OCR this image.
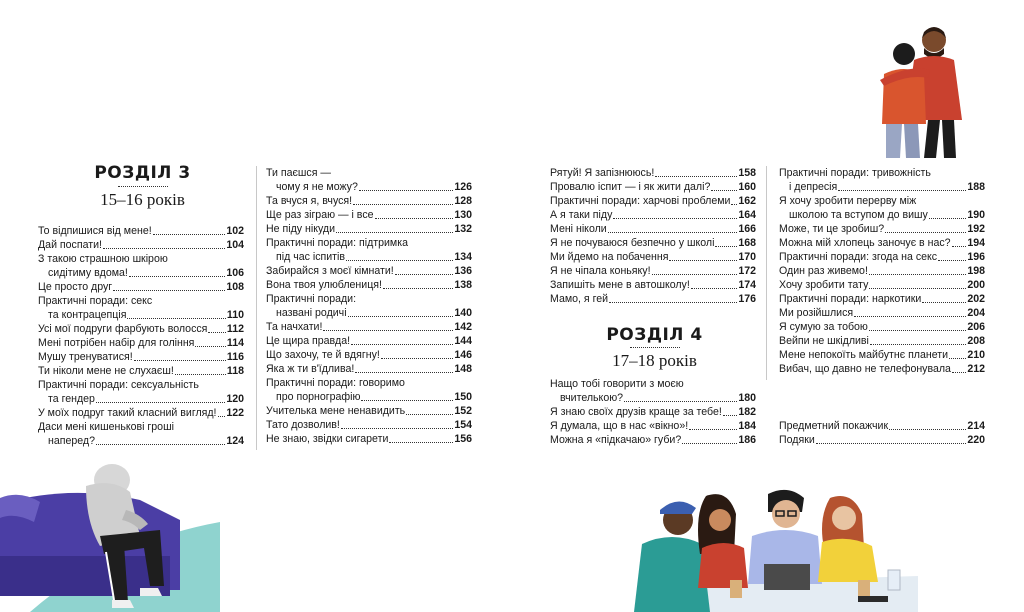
РОЗДІЛ 3
15–16 років
РОЗДІЛ 4
17–18 років
То відпишися від мене!	102
Дай поспати!	104
З такою страшною шкірою
сидітиму вдома!	106
Це просто друг	108
Практичні поради: секс
та контрацепція	110
Усі мої подруги фарбують волосся 112
Мені потрібен набір для гоління	114
Мушу тренуватися!	116
Ти ніколи мене не слухаєш!	118
Практичні поради: сексуальність
та гендер	120
У моїх подруг такий класний вигляд! 122
Даси мені кишенькові гроші
наперед?	124
Ти паєшся —
чому я не можу?	126
Та вчуся я, вчуся!	128
Ще раз зіграю — і все	130
Не піду нікуди	132
Практичні поради: підтримка
під час іспитів	134
Забирайся з моєї кімнати!	136
Вона твоя улюблениця!	138
Практичні поради:
названі родичі	140
Та начхати!	142
Це щира правда!	144
Що захочу, те й вдягну!	146
Яка ж ти в'їдлива!	148
Практичні поради: говоримо
про порнографію	150
Учителька мене ненавидить	152
Тато дозволив!	154
Не знаю, звідки сигарети	156
Рятуй! Я запізнююсь!	158
Провалю іспит — і як жити далі?	160
Практичні поради: харчові проблеми 162
А я таки піду	164
Мені ніколи	166
Я не почуваюся безпечно у школі 168
Ми йдемо на побачення	170
Я не чіпала коньяку!	172
Запишіть мене в автошколу!	174
Мамо, я гей	176
Нащо тобі говорити з моєю
вчителькою?	180
Я знаю своїх друзів краще за тебе! 182
Я думала, що в нас «вікно»!	184
Можна я «підкачаю» губи?	186
Практичні поради: тривожність
і депресія	188
Я хочу зробити перерву між
школою та вступом до вишу	190
Може, ти це зробиш?	192
Можна мій хлопець заночує в нас? 194
Практичні поради: згода на секс	196
Один раз живемо!	198
Хочу зробити тату	200
Практичні поради: наркотики	202
Ми розійшлися	204
Я сумую за тобою	206
Вейпи не шкідливі	208
Мене непокоїть майбутнє планети 210
Вибач, що давно не телефонувала 212
Предметний покажчик	214
Подяки	220
